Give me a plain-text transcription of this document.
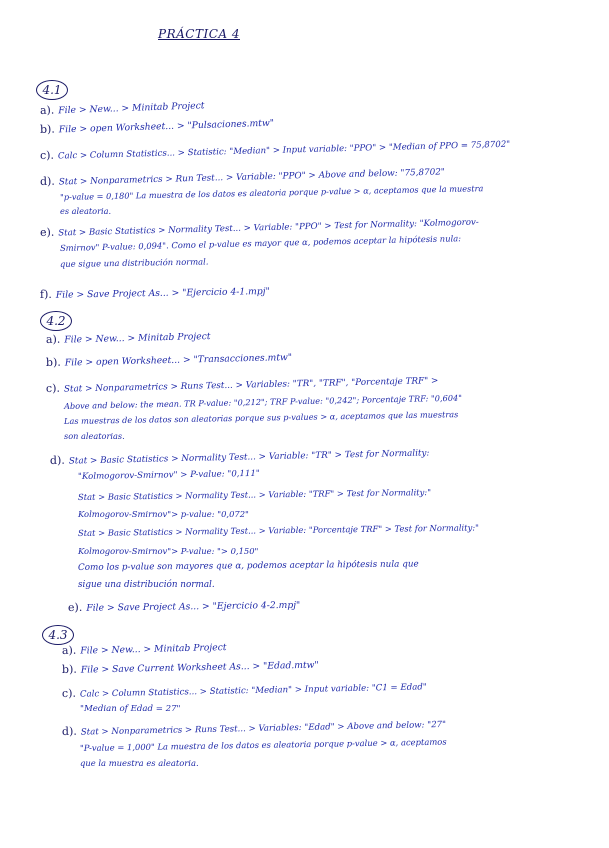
PRÁCTICA 4
4.1
a). File > New... > Minitab Project
b). File > open Worksheet... > "Pulsaciones.mtw"
c). Calc > Column Statistics... > Statistic: "Median" > Input variable: "PPO" > "Median of PPO = 75,8702"
d). Stat > Nonparametrics > Run Test... > Variable: "PPO" > Above and below: "75,8702"
"p-value = 0,180" La muestra de los datos es aleatoria porque p-value > α, aceptamos que la muestra
es aleatoria.
e). Stat > Basic Statistics > Normality Test... > Variable: "PPO" > Test for Normality: "Kolmogorov-
Smirnov" P-value: 0,094". Como el p-value es mayor que α, podemos aceptar la hipótesis nula:
que sigue una distribución normal.
f). File > Save Project As... > "Ejercicio 4-1.mpj"
4.2
a). File > New... > Minitab Project
b). File > open Worksheet... > "Transacciones.mtw"
c). Stat > Nonparametrics > Runs Test... > Variables: "TR", "TRF", "Porcentaje TRF" >
Above and below: the mean. TR P-value: "0,212"; TRF P-value: "0,242"; Porcentaje TRF: "0,604"
Las muestras de los datos son aleatorias porque sus p-values > α, aceptamos que las muestras
son aleatorias.
d). Stat > Basic Statistics > Normality Test... > Variable: "TR" > Test for Normality:
"Kolmogorov-Smirnov" > P-value: "0,111"
Stat > Basic Statistics > Normality Test... > Variable: "TRF" > Test for Normality:"
Kolmogorov-Smirnov"> p-value: "0,072"
Stat > Basic Statistics > Normality Test... > Variable: "Porcentaje TRF" > Test for Normality:"
Kolmogorov-Smirnov"> P-value: "> 0,150"
Como los p-value son mayores que α, podemos aceptar la hipótesis nula que
sigue una distribución normal.
e). File > Save Project As... > "Ejercicio 4-2.mpj"
4.3
a). File > New... > Minitab Project
b). File > Save Current Worksheet As... > "Edad.mtw"
c). Calc > Column Statistics... > Statistic: "Median" > Input variable: "C1 = Edad"
"Median of Edad = 27"
d). Stat > Nonparametrics > Runs Test... > Variables: "Edad" > Above and below: "27"
"P-value = 1,000" La muestra de los datos es aleatoria porque p-value > α, aceptamos
que la muestra es aleatoria.
